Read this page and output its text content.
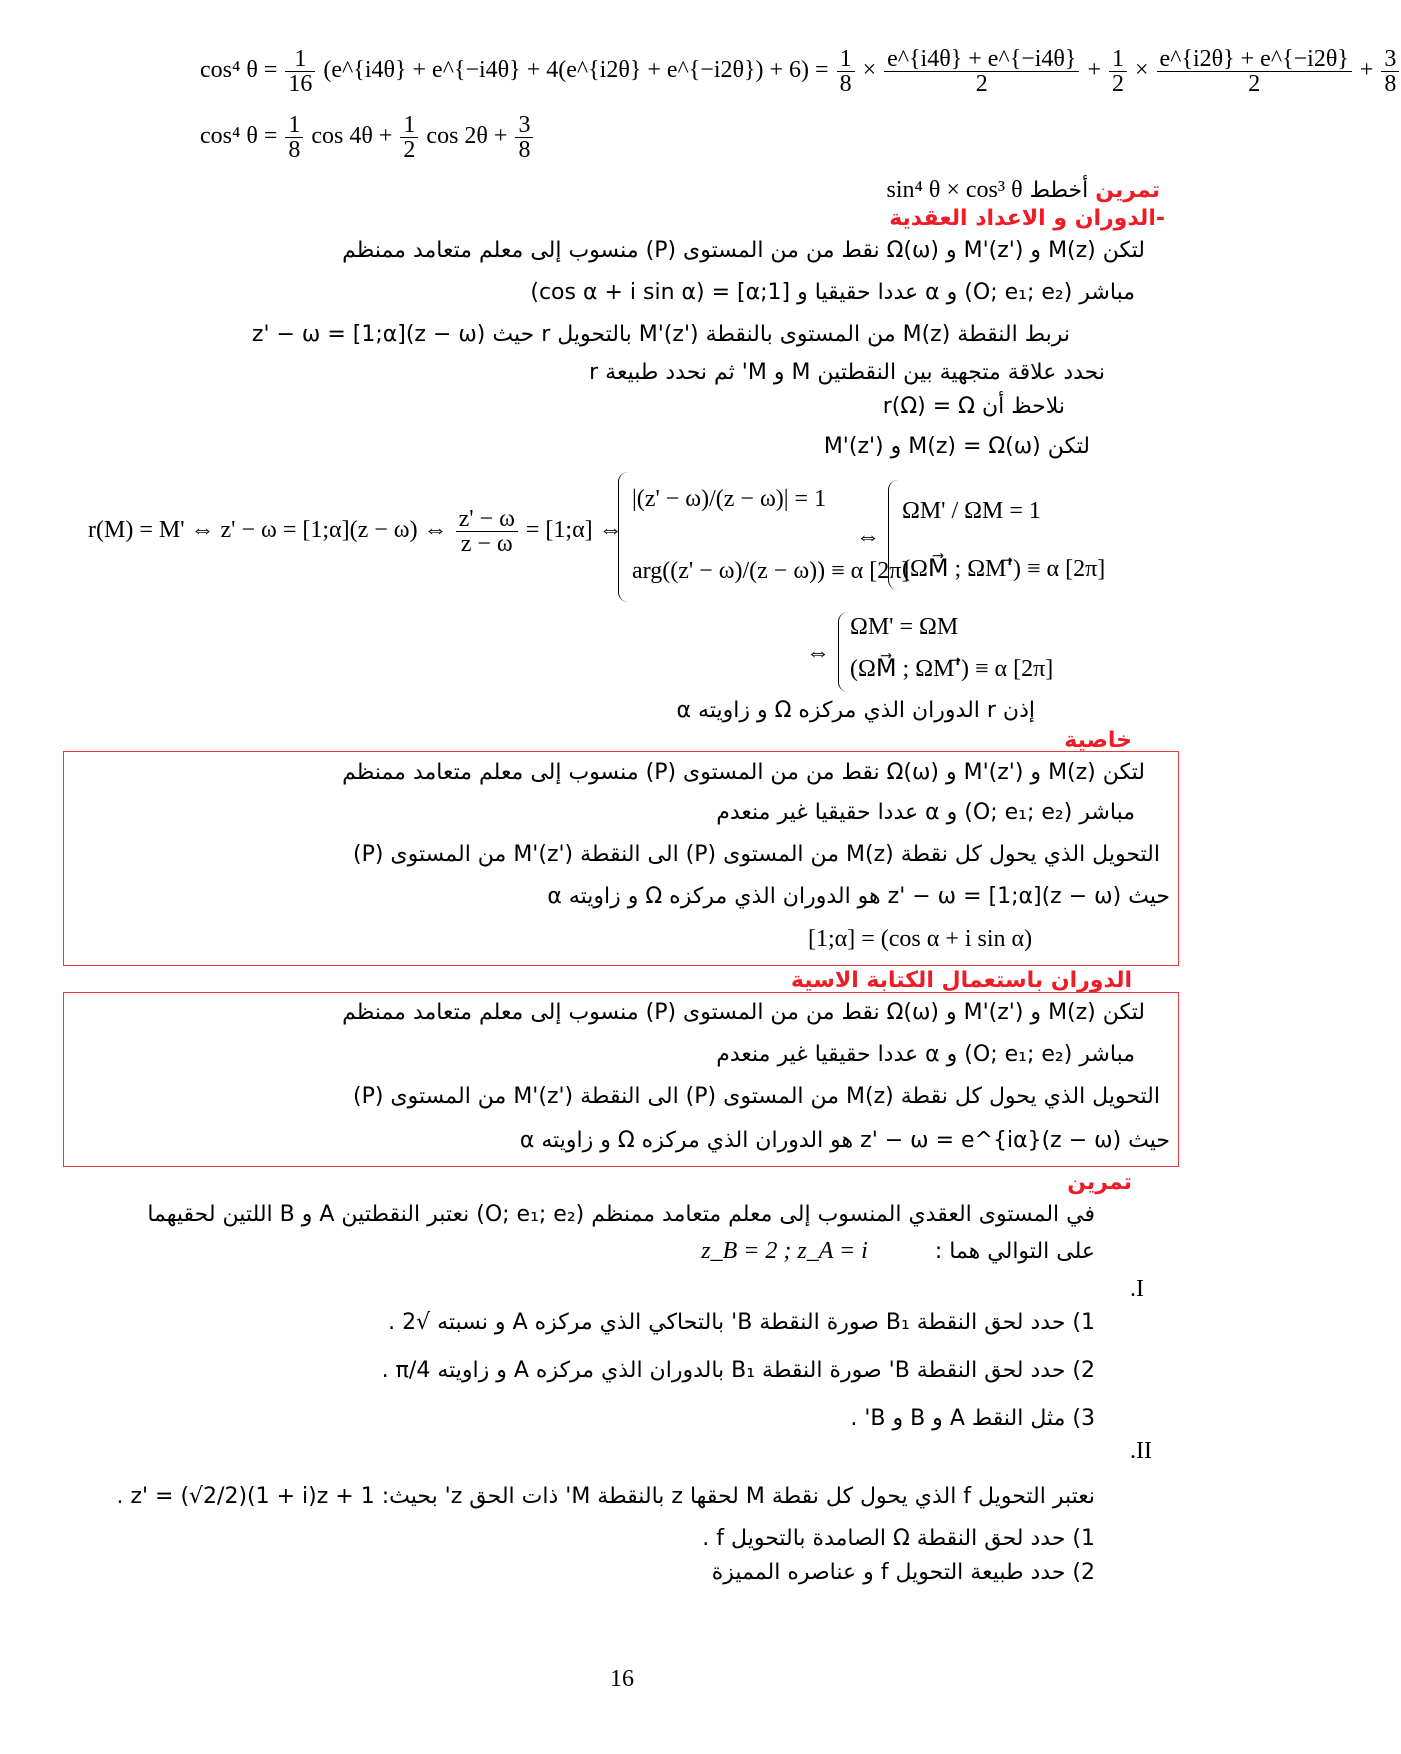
cos⁴ $\theta = \frac{1}{16}$ (e^{i4θ} + e^{−i4θ} + 4(e^{i2θ} + e^{−i2θ}) + $6) = \frac{1}{8} \times \frac{e\^{}\{i4\theta\} + e\^{}\{-i4\theta\}}{2} + \frac{1}{2} \times \frac{e\^{}\{i2\theta\} + e\^{}\{-i2\theta\}}{2} + \frac{3}{8}$
cos⁴ $\theta = \frac{1}{8}$ $\cos 4\theta + \frac{1}{2}$ $\cos 2\theta + \frac{3}{8}$
تمرين أخطط sin⁴ θ × cos³ θ
-الدوران و الاعداد العقدية
لتكن M(z) و M'(z') و Ω(ω) نقط من من المستوى (P) منسوب إلى معلم متعامد ممنظم
مباشر (O; e₁; e₂) و α عددا حقيقيا و [1;α] = (cos α + i sin α)
نربط النقطة M(z) من المستوى بالنقطة M'(z') بالتحويل r حيث z' − ω = [1;α](z − ω)
نحدد علاقة متجهية بين النقطتين M و M' ثم نحدد طبيعة r
نلاحظ أن r(Ω) = Ω
لتكن M(z) = Ω(ω) و M'(z')
r(M) = M' ⇔ z' − ω = [1;α](z − ω) ⇔ $\frac{z' - \omega}{z - \omega}$ = [1;α] ⇔
|(z' − ω)/(z − ω)| = 1
arg((z' − ω)/(z − ω)) ≡ α [2π]
⇔
ΩM' / ΩM = 1
(ΩM⃗ ; ΩM'⃗) ≡ α [2π]
⇔
ΩM' = ΩM
(ΩM⃗ ; ΩM'⃗) ≡ α [2π]
إذن r الدوران الذي مركزه Ω و زاويته α
خاصية
لتكن M(z) و M'(z') و Ω(ω) نقط من من المستوى (P) منسوب إلى معلم متعامد ممنظم
مباشر (O; e₁; e₂) و α عددا حقيقيا غير منعدم
التحويل الذي يحول كل نقطة M(z) من المستوى (P) الى النقطة M'(z') من المستوى (P)
حيث z' − ω = [1;α](z − ω) هو الدوران الذي مركزه Ω و زاويته α
[1;α] = (cos α + i sin α)
الدوران باستعمال الكتابة الاسية
لتكن M(z) و M'(z') و Ω(ω) نقط من من المستوى (P) منسوب إلى معلم متعامد ممنظم
مباشر (O; e₁; e₂) و α عددا حقيقيا غير منعدم
التحويل الذي يحول كل نقطة M(z) من المستوى (P) الى النقطة M'(z') من المستوى (P)
حيث z' − ω = e^{iα}(z − ω) هو الدوران الذي مركزه Ω و زاويته α
تمرين
في المستوى العقدي المنسوب إلى معلم متعامد ممنظم (O; e₁; e₂) نعتبر النقطتين A و B اللتين لحقيهما
على التوالي هما : z_B = 2 ; z_A = i
.I
1) حدد لحق النقطة B₁ صورة النقطة B' بالتحاكي الذي مركزه A و نسبته √2 .
2) حدد لحق النقطة B' صورة النقطة B₁ بالدوران الذي مركزه A و زاويته π/4 .
3) مثل النقط A و B و B' .
.II
نعتبر التحويل f الذي يحول كل نقطة M لحقها z بالنقطة M' ذات الحق z' بحيث: z' = (√2/2)(1 + i)z + 1 .
1) حدد لحق النقطة Ω الصامدة بالتحويل f .
2) حدد طبيعة التحويل f و عناصره المميزة
16
